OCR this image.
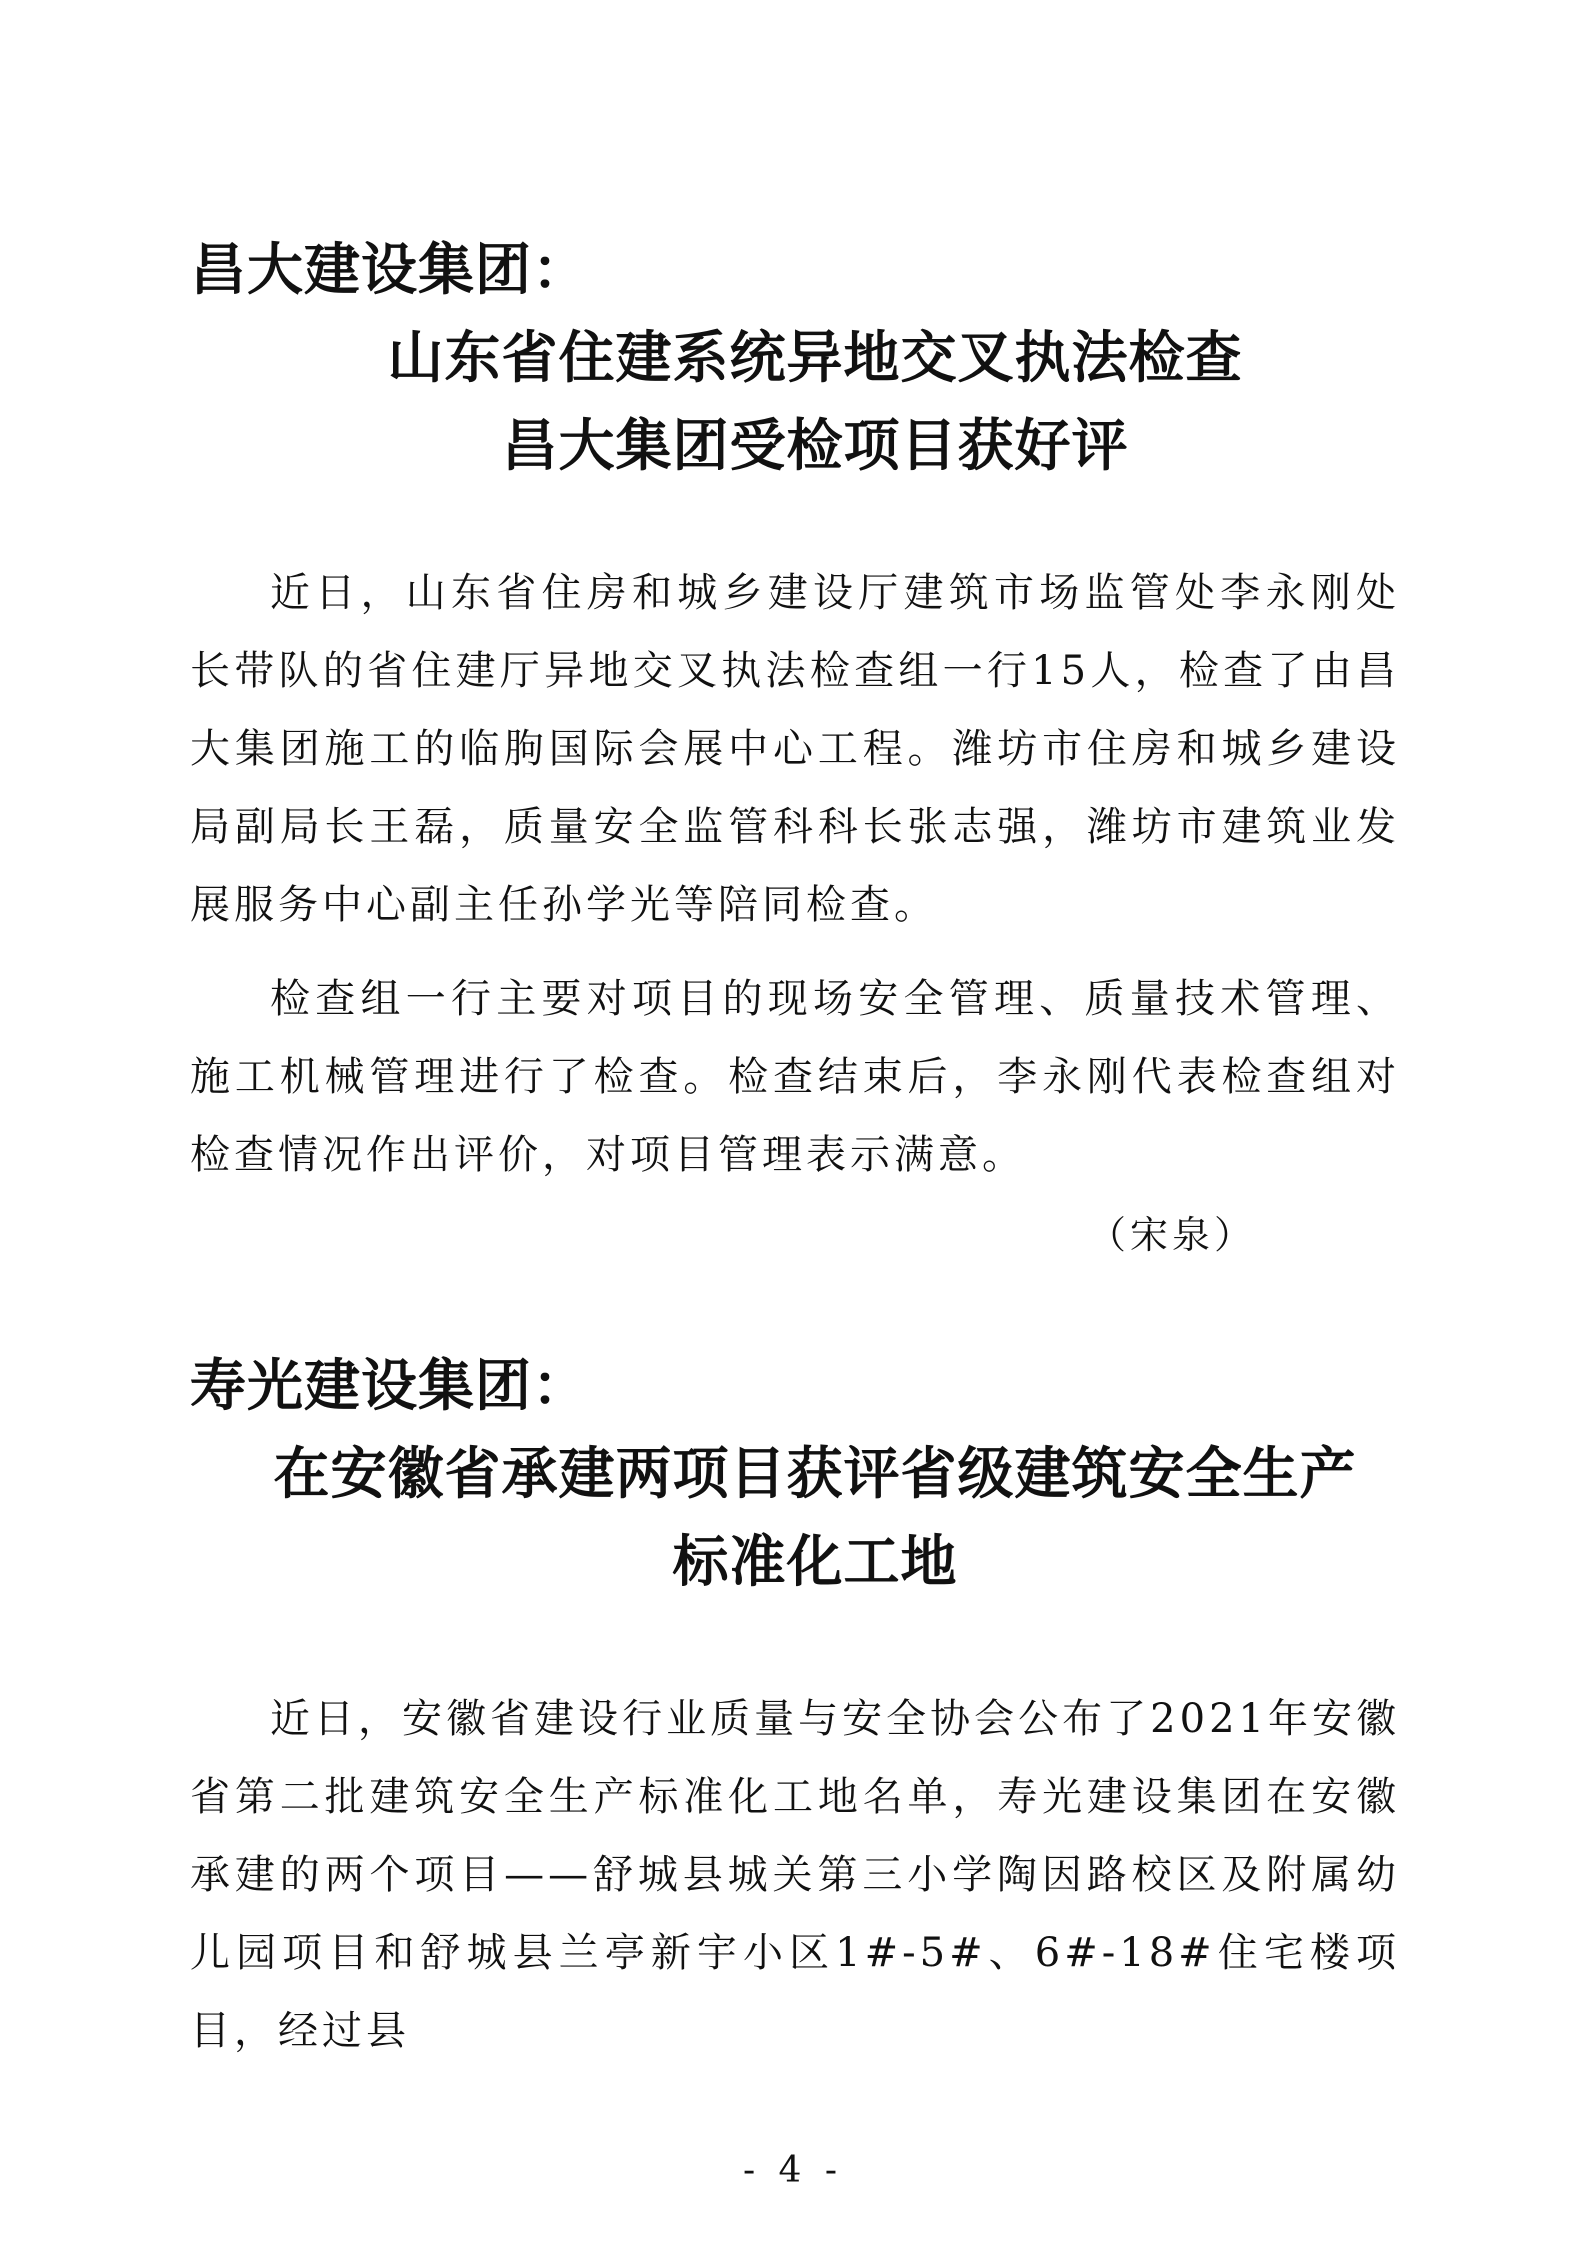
昌大建设集团：
山东省住建系统异地交叉执法检查
昌大集团受检项目获好评

近日，山东省住房和城乡建设厅建筑市场监管处李永刚处长带队的省住建厅异地交叉执法检查组一行15人，检查了由昌大集团施工的临朐国际会展中心工程。潍坊市住房和城乡建设局副局长王磊，质量安全监管科科长张志强，潍坊市建筑业发展服务中心副主任孙学光等陪同检查。

检查组一行主要对项目的现场安全管理、质量技术管理、施工机械管理进行了检查。检查结束后，李永刚代表检查组对检查情况作出评价，对项目管理表示满意。

（宋泉）

寿光建设集团：
在安徽省承建两项目获评省级建筑安全生产
标准化工地

近日，安徽省建设行业质量与安全协会公布了2021年安徽省第二批建筑安全生产标准化工地名单，寿光建设集团在安徽承建的两个项目——舒城县城关第三小学陶因路校区及附属幼儿园项目和舒城县兰亭新宇小区1#-5#、6#-18#住宅楼项目，经过县

- 4 -
